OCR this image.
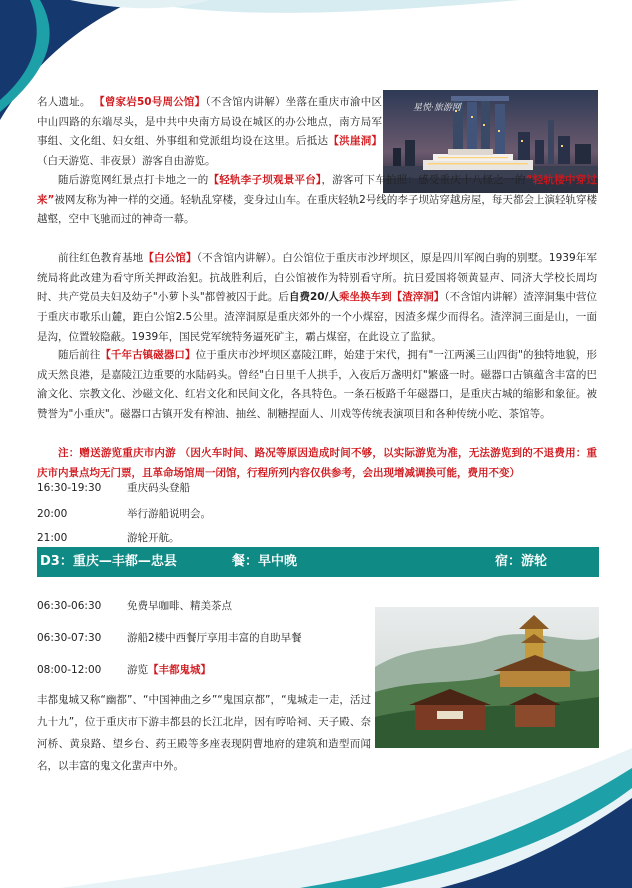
星悦·旅游网
名人遗址。 【曾家岩50号周公馆】（不含馆内讲解）坐落在重庆市渝中区中山四路的东端尽头，是中共中央南方局设在城区的办公地点，南方局军事组、文化组、妇女组、外事组和党派组均设在这里。后抵达【洪崖洞】（白天游览、非夜景）游客自由游览。
随后游览网红景点打卡地之一的【轻轨李子坝观景平台】，游客可下车拍照：感受重庆十八怪之一的“轻轨楼中穿过来”被网友称为神一样的交通。轻轨乱穿楼，变身过山车。在重庆轻轨2号线的李子坝站穿越房屋，每天都会上演轻轨穿楼越壑，空中飞驰而过的神奇一幕。
前往红色教育基地【白公馆】（不含馆内讲解）。白公馆位于重庆市沙坪坝区，原是四川军阀白驹的别墅。1939年军统局将此改建为看守所关押政治犯。抗战胜利后，白公馆被作为特别看守所。抗日爱国将领黄显声、同济大学校长周均时、共产党员夫妇及幼子"小萝卜头"都曾被囚于此。后自费20/人乘坐换车到【渣滓洞】（不含馆内讲解）渣滓洞集中营位于重庆市歌乐山麓，距白公馆2.5公里。渣滓洞原是重庆郊外的一个小煤窑，因渣多煤少而得名。渣滓洞三面是山，一面是沟，位置较隐蔽。1939年，国民党军统特务逼死矿主，霸占煤窑，在此设立了监狱。
随后前往【千年古镇磁器口】位于重庆市沙坪坝区嘉陵江畔，始建于宋代，拥有"一江两溪三山四街"的独特地貌，形成天然良港，是嘉陵江边重要的水陆码头。曾经"白日里千人拱手，入夜后万盏明灯"繁盛一时。磁器口古镇蕴含丰富的巴渝文化、宗教文化、沙磁文化、红岩文化和民间文化，各具特色。一条石板路千年磁器口，是重庆古城的缩影和象征。被赞誉为"小重庆"。磁器口古镇开发有榨油、抽丝、制糖捏面人、川戏等传统表演项目和各种传统小吃、茶馆等。
注：赠送游览重庆市内游 （因火车时间、路况等原因造成时间不够，以实际游览为准，无法游览到的不退费用：重庆市内景点均无门票，且革命场馆周一闭馆，行程所列内容仅供参考，会出现增减调换可能，费用不变）
16:30-19:30 重庆码头登船
20:00	举行游船说明会。
21:00	游轮开航。
D3：重庆—丰都—忠县	餐：早中晚	宿：游轮
06:30-06:30 免费早咖啡、精美茶点
06:30-07:30 游船2楼中西餐厅享用丰富的自助早餐
08:00-12:00 游览【丰都鬼城】
丰都鬼城又称“幽都”、“中国神曲之乡”“鬼国京都”，“鬼城走一走，活过九十九”，位于重庆市下游丰都县的长江北岸，因有哼哈祠、天子殿、奈河桥、黄泉路、望乡台、药王殿等多座表现阴曹地府的建筑和造型而闻名，以丰富的鬼文化蜚声中外。
